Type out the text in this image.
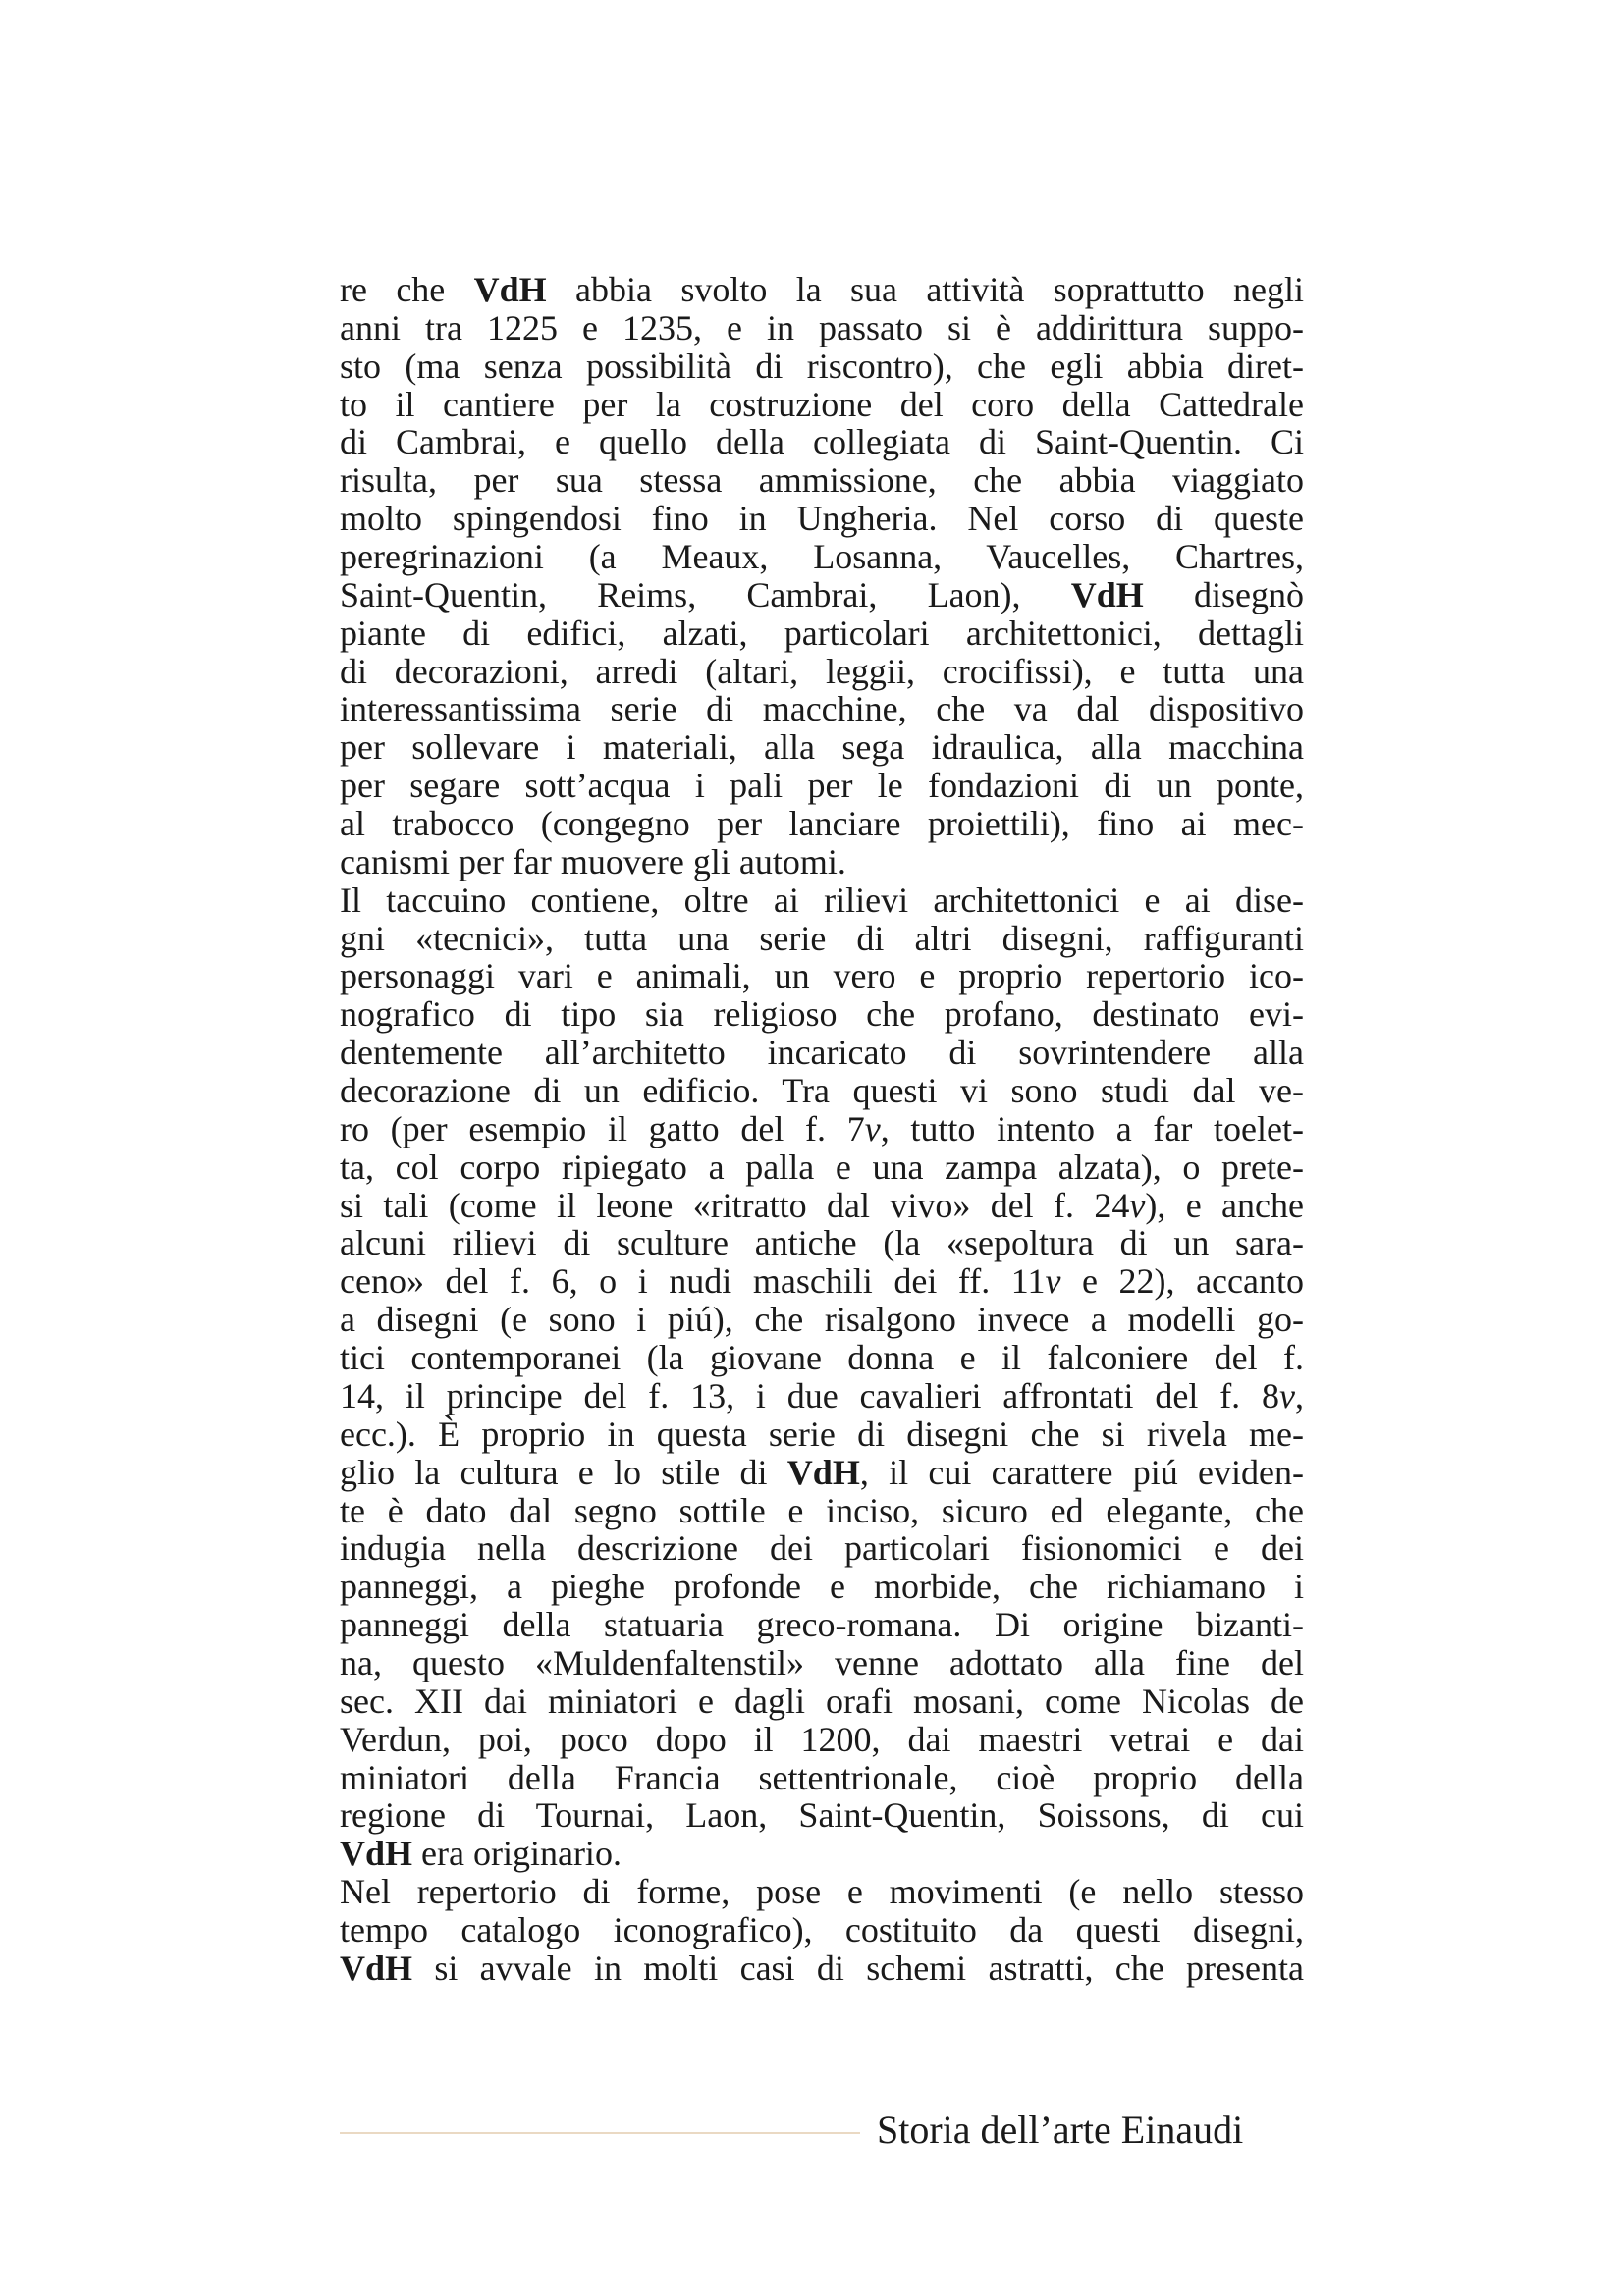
re che VdH abbia svolto la sua attività soprattutto negli
anni tra 1225 e 1235, e in passato si è addirittura suppo-
sto (ma senza possibilità di riscontro), che egli abbia diret-
to il cantiere per la costruzione del coro della Cattedrale
di Cambrai, e quello della collegiata di Saint-Quentin. Ci
risulta, per sua stessa ammissione, che abbia viaggiato
molto spingendosi fino in Ungheria. Nel corso di queste
peregrinazioni (a Meaux, Losanna, Vaucelles, Chartres,
Saint-Quentin, Reims, Cambrai, Laon), VdH disegnò
piante di edifici, alzati, particolari architettonici, dettagli
di decorazioni, arredi (altari, leggii, crocifissi), e tutta una
interessantissima serie di macchine, che va dal dispositivo
per sollevare i materiali, alla sega idraulica, alla macchina
per segare sott’acqua i pali per le fondazioni di un ponte,
al trabocco (congegno per lanciare proiettili), fino ai mec-
canismi per far muovere gli automi.
Il taccuino contiene, oltre ai rilievi architettonici e ai dise-
gni «tecnici», tutta una serie di altri disegni, raffiguranti
personaggi vari e animali, un vero e proprio repertorio ico-
nografico di tipo sia religioso che profano, destinato evi-
dentemente all’architetto incaricato di sovrintendere alla
decorazione di un edificio. Tra questi vi sono studi dal ve-
ro (per esempio il gatto del f. 7v, tutto intento a far toelet-
ta, col corpo ripiegato a palla e una zampa alzata), o prete-
si tali (come il leone «ritratto dal vivo» del f. 24v), e anche
alcuni rilievi di sculture antiche (la «sepoltura di un sara-
ceno» del f. 6, o i nudi maschili dei ff. 11v e 22), accanto
a disegni (e sono i piú), che risalgono invece a modelli go-
tici contemporanei (la giovane donna e il falconiere del f.
14, il principe del f. 13, i due cavalieri affrontati del f. 8v,
ecc.). È proprio in questa serie di disegni che si rivela me-
glio la cultura e lo stile di VdH, il cui carattere piú eviden-
te è dato dal segno sottile e inciso, sicuro ed elegante, che
indugia nella descrizione dei particolari fisionomici e dei
panneggi, a pieghe profonde e morbide, che richiamano i
panneggi della statuaria greco-romana. Di origine bizanti-
na, questo «Muldenfaltenstil» venne adottato alla fine del
sec. XII dai miniatori e dagli orafi mosani, come Nicolas de
Verdun, poi, poco dopo il 1200, dai maestri vetrai e dai
miniatori della Francia settentrionale, cioè proprio della
regione di Tournai, Laon, Saint-Quentin, Soissons, di cui
VdH era originario.
Nel repertorio di forme, pose e movimenti (e nello stesso
tempo catalogo iconografico), costituito da questi disegni,
VdH si avvale in molti casi di schemi astratti, che presenta
Storia dell’arte Einaudi
